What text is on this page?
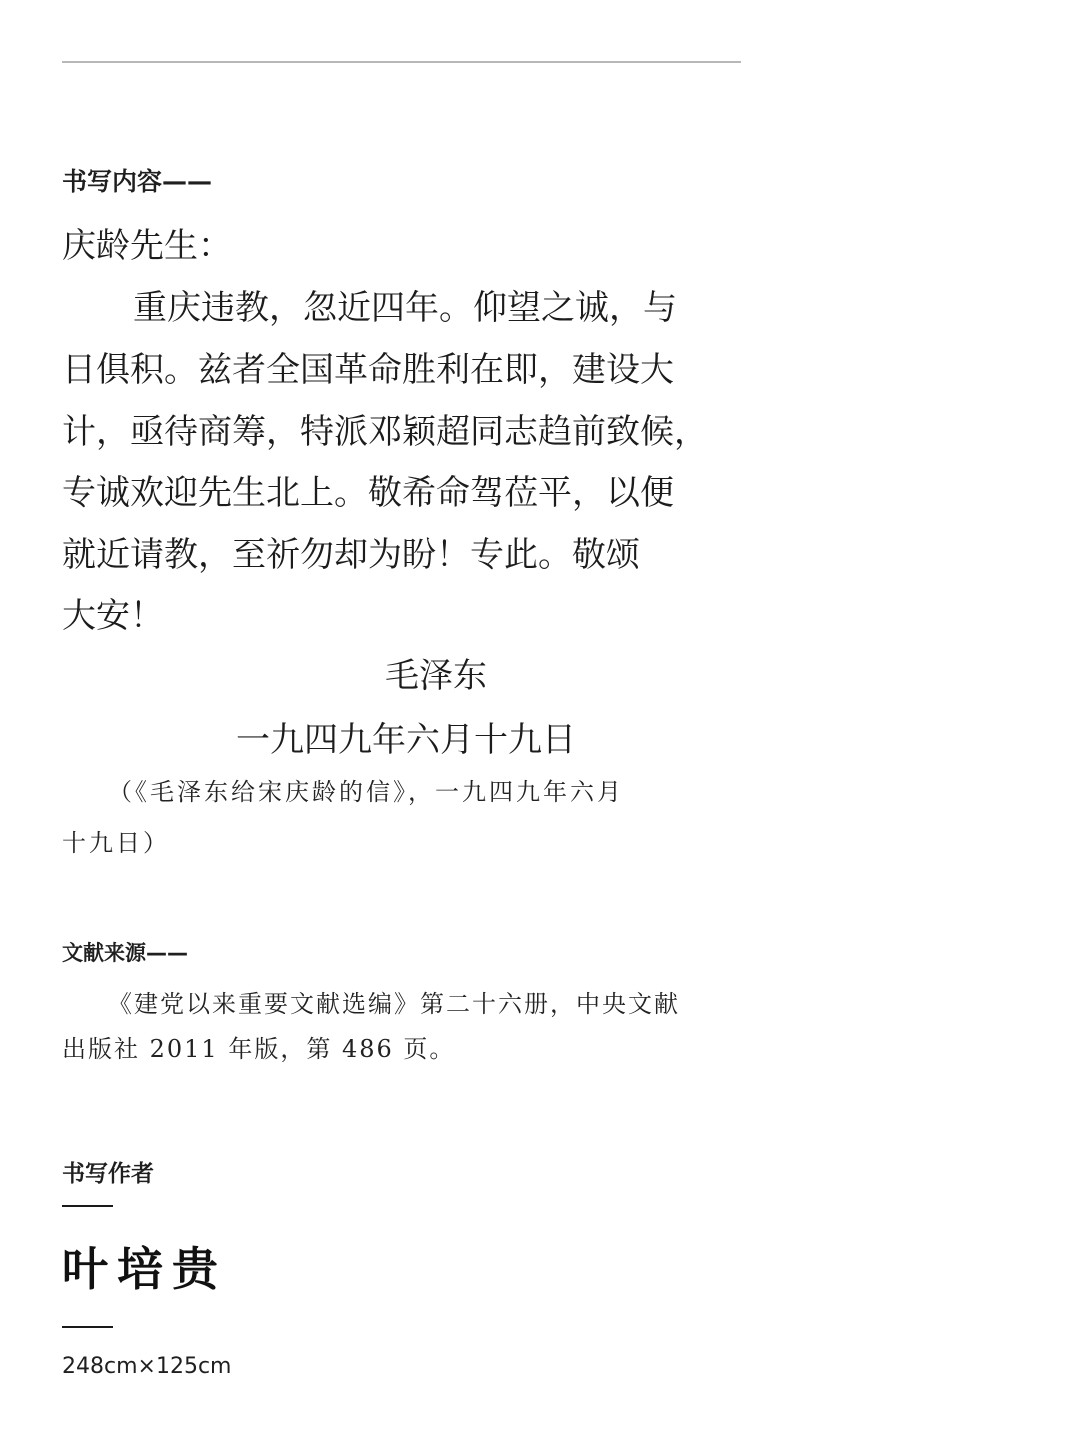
书写内容——
庆龄先生：
重庆违教，忽近四年。仰望之诚，与
日俱积。兹者全国革命胜利在即，建设大
计，亟待商筹，特派邓颖超同志趋前致候，
专诚欢迎先生北上。敬希命驾莅平，以便
就近请教，至祈勿却为盼！专此。敬颂
大安！
毛泽东
一九四九年六月十九日
（《毛泽东给宋庆龄的信》，一九四九年六月
十九日）
文献来源——
《建党以来重要文献选编》第二十六册，中央文献
出版社 2011 年版，第 486 页。
书写作者
叶培贵
248cm×125cm
